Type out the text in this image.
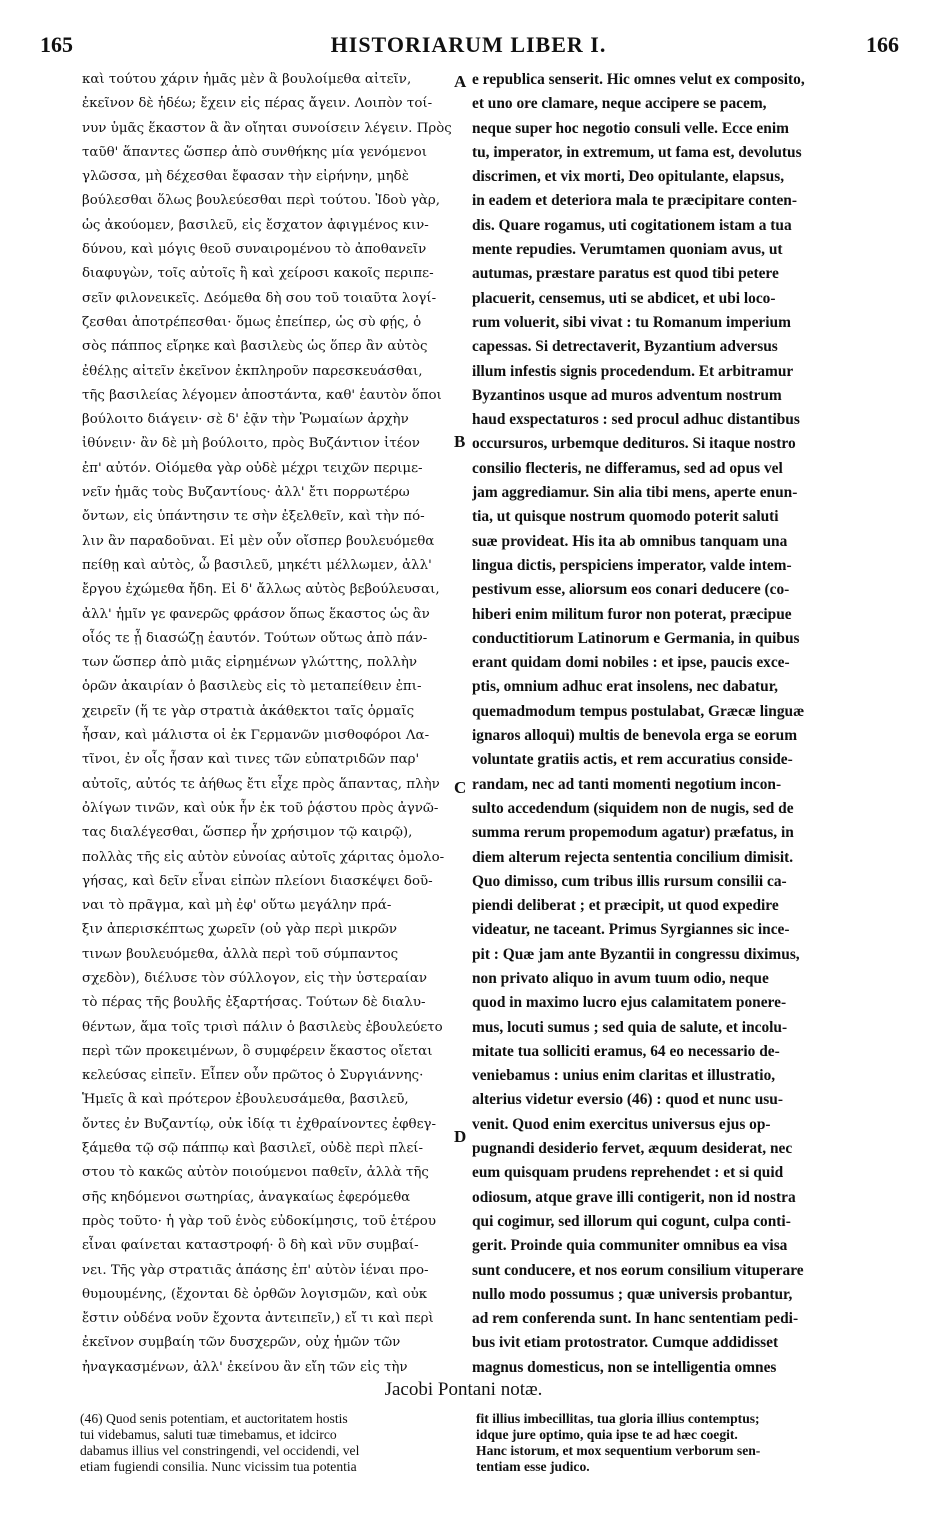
165	HISTORIARUM LIBER I.	166
καὶ τούτου χάριν ἡμᾶς μὲν ἃ βουλοίμεθα αἰτεῖν,
ἐκεῖνον δὲ ἡδέω; ἔχειν εἰς πέρας ἄγειν. Λοιπὸν τοί-
νυν ὑμᾶς ἕκαστον ἃ ἂν οἴηται συνοίσειν λέγειν. Πρὸς
ταῦθ' ἅπαντες ὥσπερ ἀπὸ συνθήκης μία γενόμενοι
γλῶσσα, μὴ δέχεσθαι ἔφασαν τὴν εἰρήνην, μηδὲ
βούλεσθαι ὅλως βουλεύεσθαι περὶ τούτου. Ἰδοὺ γὰρ,
ὡς ἀκούομεν, βασιλεῦ, εἰς ἔσχατον ἀφιγμένος κιν-
δύνου, καὶ μόγις θεοῦ συναιρομένου τὸ ἀποθανεῖν
διαφυγὼν, τοῖς αὐτοῖς ἢ καὶ χείροσι κακοῖς περιπε-
σεῖν φιλονεικεῖς. Δεόμεθα δὴ σου τοῦ τοιαῦτα λογί-
ζεσθαι ἀποτρέπεσθαι· ὅμως ἐπείπερ, ὡς σὺ φῄς, ὁ
σὸς πάππος εἴρηκε καὶ βασιλεὺς ὡς ὅπερ ἂν αὐτὸς
ἐθέλῃς αἰτεῖν ἐκεῖνον ἐκπληροῦν παρεσκευάσθαι,
τῆς βασιλείας λέγομεν ἀποστάντα, καθ' ἑαυτὸν ὅποι
βούλοιτο διάγειν· σὲ δ' ἐᾷν τὴν Ῥωμαίων ἀρχὴν
ἰθύνειν· ἂν δὲ μὴ βούλοιτο, πρὸς Βυζάντιον ἰτέον
ἐπ' αὐτόν. Οἰόμεθα γὰρ οὐδὲ μέχρι τειχῶν περιμε-
νεῖν ἡμᾶς τοὺς Βυζαντίους· ἀλλ' ἔτι πορρωτέρω
ὄντων, εἰς ὑπάντησιν τε σὴν ἐξελθεῖν, καὶ τὴν πό-
λιν ἂν παραδοῦναι. Εἰ μὲν οὖν οἴσπερ βουλευόμεθα
πείθῃ καὶ αὐτὸς, ὦ βασιλεῦ, μηκέτι μέλλωμεν, ἀλλ'
ἔργου ἐχώμεθα ἤδη. Εἰ δ' ἄλλως αὐτὸς βεβούλευσαι,
ἀλλ' ἡμῖν γε φανερῶς φράσον ὅπως ἕκαστος ὡς ἂν
οἷός τε ᾖ διασώζῃ ἑαυτόν. Τούτων οὕτως ἀπὸ πάν-
των ὥσπερ ἀπὸ μιᾶς εἰρημένων γλώττης, πολλὴν
ὁρῶν ἀκαιρίαν ὁ βασιλεὺς εἰς τὸ μεταπείθειν ἐπι-
χειρεῖν (ἥ τε γὰρ στρατιὰ ἀκάθεκτοι ταῖς ὁρμαῖς
ἦσαν, καὶ μάλιστα οἱ ἐκ Γερμανῶν μισθοφόροι Λα-
τῖνοι, ἐν οἷς ἦσαν καὶ τινες τῶν εὐπατριδῶν παρ'
αὐτοῖς, αὐτός τε ἀήθως ἔτι εἶχε πρὸς ἅπαντας, πλὴν
ὀλίγων τινῶν, καὶ οὐκ ἦν ἐκ τοῦ ῥᾴστου πρὸς ἀγνῶ-
τας διαλέγεσθαι, ὥσπερ ἦν χρήσιμον τῷ καιρῷ),
πολλὰς τῆς εἰς αὐτὸν εὐνοίας αὐτοῖς χάριτας ὁμολο-
γήσας, καὶ δεῖν εἶναι εἰπὼν πλείονι διασκέψει δοῦ-
ναι τὸ πρᾶγμα, καὶ μὴ ἐφ' οὕτω μεγάλην πρά-
ξιν ἀπερισκέπτως χωρεῖν (οὐ γὰρ περὶ μικρῶν
τινων βουλευόμεθα, ἀλλὰ περὶ τοῦ σύμπαντος
σχεδὸν), διέλυσε τὸν σύλλογον, εἰς τὴν ὑστεραίαν
τὸ πέρας τῆς βουλῆς ἐξαρτήσας. Τούτων δὲ διαλυ-
θέντων, ἅμα τοῖς τρισὶ πάλιν ὁ βασιλεὺς ἐβουλεύετο
περὶ τῶν προκειμένων, ὃ συμφέρειν ἕκαστος οἴεται
κελεύσας εἰπεῖν. Εἶπεν οὖν πρῶτος ὁ Συργιάννης·
Ἡμεῖς ἃ καὶ πρότερον ἐβουλευσάμεθα, βασιλεῦ,
ὄντες ἐν Βυζαντίῳ, οὐκ ἰδίᾳ τι ἐχθραίνοντες ἐφθεγ-
ξάμεθα τῷ σῷ πάππῳ καὶ βασιλεῖ, οὐδὲ περὶ πλεί-
στου τὸ κακῶς αὐτὸν ποιούμενοι παθεῖν, ἀλλὰ τῆς
σῆς κηδόμενοι σωτηρίας, ἀναγκαίως ἐφερόμεθα
πρὸς τοῦτο· ἡ γὰρ τοῦ ἑνὸς εὐδοκίμησις, τοῦ ἑτέρου
εἶναι φαίνεται καταστροφή· ὃ δὴ καὶ νῦν συμβαί-
νει. Τῆς γὰρ στρατιᾶς ἁπάσης ἐπ' αὐτὸν ἰέναι προ-
θυμουμένης, (ἔχονται δὲ ὀρθῶν λογισμῶν, καὶ οὐκ
ἔστιν οὐδένα νοῦν ἔχοντα ἀντειπεῖν,) εἴ τι καὶ περὶ
ἐκεῖνον συμβαίη τῶν δυσχερῶν, οὐχ ἡμῶν τῶν
ἠναγκασμένων, ἀλλ' ἐκείνου ἂν εἴη τῶν εἰς τὴν
e republica senserit. Hic omnes velut ex composito,
et uno ore clamare, neque accipere se pacem,
neque super hoc negotio consuli velle. Ecce enim
tu, imperator, in extremum, ut fama est, devolutus
discrimen, et vix morti, Deo opitulante, elapsus,
in eadem et deteriora mala te præcipitare conten-
dis. Quare rogamus, uti cogitationem istam a tua
mente repudies. Verumtamen quoniam avus, ut
autumas, præstare paratus est quod tibi petere
placuerit, censemus, uti se abdicet, et ubi loco-
rum voluerit, sibi vivat : tu Romanum imperium
capessas. Si detrectaverit, Byzantium adversus
illum infestis signis procedendum. Et arbitramur
Byzantinos usque ad muros adventum nostrum
haud exspectaturos : sed procul adhuc distantibus
occursuros, urbemque dedituros. Si itaque nostro
consilio flecteris, ne differamus, sed ad opus vel
jam aggrediamur. Sin alia tibi mens, aperte enun-
tia, ut quisque nostrum quomodo poterit saluti
suæ provideat. His ita ab omnibus tanquam una
lingua dictis, perspiciens imperator, valde intem-
pestivum esse, aliorsum eos conari deducere (co-
hiberi enim militum furor non poterat, præcipue
conductitiorum Latinorum e Germania, in quibus
erant quidam domi nobiles : et ipse, paucis exce-
ptis, omnium adhuc erat insolens, nec dabatur,
quemadmodum tempus postulabat, Græcæ linguæ
ignaros alloqui) multis de benevola erga se eorum
voluntate gratiis actis, et rem accuratius conside-
randam, nec ad tanti momenti negotium incon-
sulto accedendum (siquidem non de nugis, sed de
summa rerum propemodum agatur) præfatus, in
diem alterum rejecta sententia concilium dimisit.
Quo dimisso, cum tribus illis rursum consilii ca-
piendi deliberat ; et præcipit, ut quod expedire
videatur, ne taceant. Primus Syrgiannes sic incе-
pit : Quæ jam ante Byzantii in congressu diximus,
non privato aliquo in avum tuum odio, neque
quod in maximo lucro ejus calamitatem ponere-
mus, locuti sumus ; sed quia de salute, et incolu-
mitate tua solliciti eramus, 64 eo necessario de-
veniebamus : unius enim claritas et illustratio,
alterius videtur eversio (46) : quod et nunc usu-
venit. Quod enim exercitus universus ejus op-
pugnandi desiderio fervet, æquum desiderat, nec
eum quisquam prudens reprehendet : et si quid
odiosum, atque grave illi contigerit, non id nostra
qui cogimur, sed illorum qui cogunt, culpa conti-
gerit. Proinde quia communiter omnibus ea visa
sunt conducere, et nos eorum consilium vituperare
nullo modo possumus ; quæ universis probantur,
ad rem conferenda sunt. In hanc sententiam pedi-
bus ivit etiam protostrator. Cumque addidisset
magnus domesticus, non se intelligentia omnes
A
B
C
D
Jacobi Pontani notæ.
(46) Quod senis potentiam, et auctoritatem hostis
tui videbamus, saluti tuæ timebamus, et idcirco
dabamus illius vel constringendi, vel occidendi, vel
etiam fugiendi consilia. Nunc vicissim tua potentia
fit illius imbecillitas, tua gloria illius contemptus;
idque jure optimo, quia ipse te ad hæc coegit.
Hanc istorum, et mox sequentium verborum sen-
tentiam esse judico.
